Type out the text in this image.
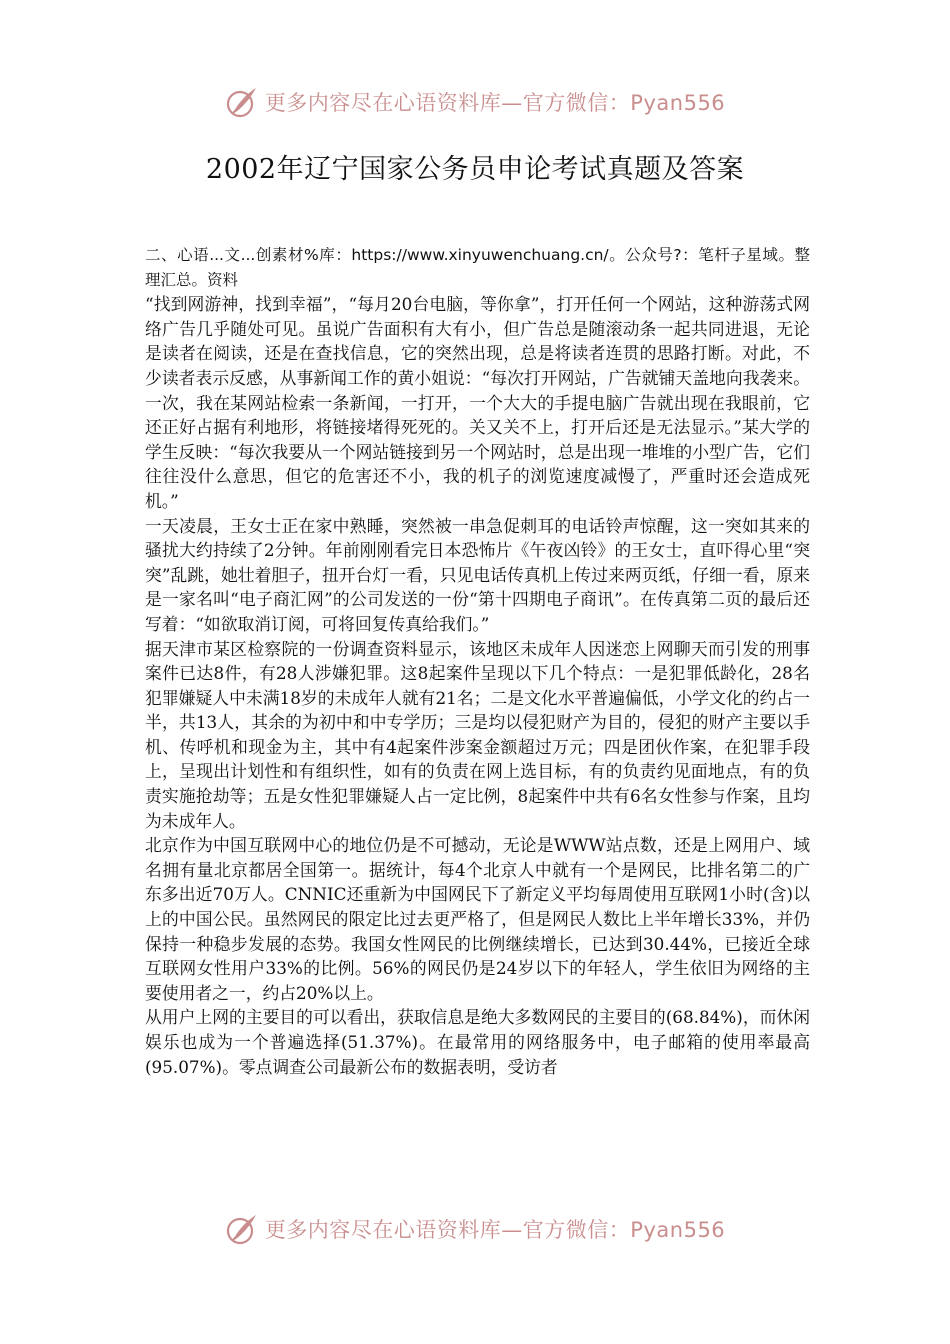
更多内容尽在心语资料库—官方微信：Pyan556
2002年辽宁国家公务员申论考试真题及答案

二、心语...文...创素材%库：https://www.xinyuwenchuang.cn/。公众号?：笔杆子星域。整理汇总。资料

“找到网游神，找到幸福”，“每月20台电脑，等你拿”，打开任何一个网站，这种游荡式网络广告几乎随处可见。虽说广告面积有大有小，但广告总是随滚动条一起共同进退，无论是读者在阅读，还是在查找信息，它的突然出现，总是将读者连贯的思路打断。对此，不少读者表示反感，从事新闻工作的黄小姐说：“每次打开网站，广告就铺天盖地向我袭来。一次，我在某网站检索一条新闻，一打开，一个大大的手提电脑广告就出现在我眼前，它还正好占据有利地形，将链接堵得死死的。关又关不上，打开后还是无法显示。”某大学的学生反映：“每次我要从一个网站链接到另一个网站时，总是出现一堆堆的小型广告，它们往往没什么意思，但它的危害还不小，我的机子的浏览速度减慢了，严重时还会造成死机。”

一天凌晨，王女士正在家中熟睡，突然被一串急促刺耳的电话铃声惊醒，这一突如其来的骚扰大约持续了2分钟。年前刚刚看完日本恐怖片《午夜凶铃》的王女士，直吓得心里“突突”乱跳，她壮着胆子，扭开台灯一看，只见电话传真机上传过来两页纸，仔细一看，原来是一家名叫“电子商汇网”的公司发送的一份“第十四期电子商讯”。在传真第二页的最后还写着：“如欲取消订阅，可将回复传真给我们。”

据天津市某区检察院的一份调查资料显示，该地区未成年人因迷恋上网聊天而引发的刑事案件已达8件，有28人涉嫌犯罪。这8起案件呈现以下几个特点：一是犯罪低龄化，28名犯罪嫌疑人中未满18岁的未成年人就有21名；二是文化水平普遍偏低，小学文化的约占一半，共13人，其余的为初中和中专学历；三是均以侵犯财产为目的，侵犯的财产主要以手机、传呼机和现金为主，其中有4起案件涉案金额超过万元；四是团伙作案，在犯罪手段上，呈现出计划性和有组织性，如有的负责在网上选目标，有的负责约见面地点，有的负责实施抢劫等；五是女性犯罪嫌疑人占一定比例，8起案件中共有6名女性参与作案，且均为未成年人。

北京作为中国互联网中心的地位仍是不可撼动，无论是WWW站点数，还是上网用户、域名拥有量北京都居全国第一。据统计，每4个北京人中就有一个是网民，比排名第二的广东多出近70万人。CNNIC还重新为中国网民下了新定义平均每周使用互联网1小时(含)以上的中国公民。虽然网民的限定比过去更严格了，但是网民人数比上半年增长33%，并仍保持一种稳步发展的态势。我国女性网民的比例继续增长，已达到30.44%，已接近全球互联网女性用户33%的比例。56%的网民仍是24岁以下的年轻人，学生依旧为网络的主要使用者之一，约占20%以上。

从用户上网的主要目的可以看出，获取信息是绝大多数网民的主要目的(68.84%)，而休闲娱乐也成为一个普遍选择(51.37%)。在最常用的网络服务中，电子邮箱的使用率最高(95.07%)。零点调查公司最新公布的数据表明，受访者

更多内容尽在心语资料库—官方微信：Pyan556
